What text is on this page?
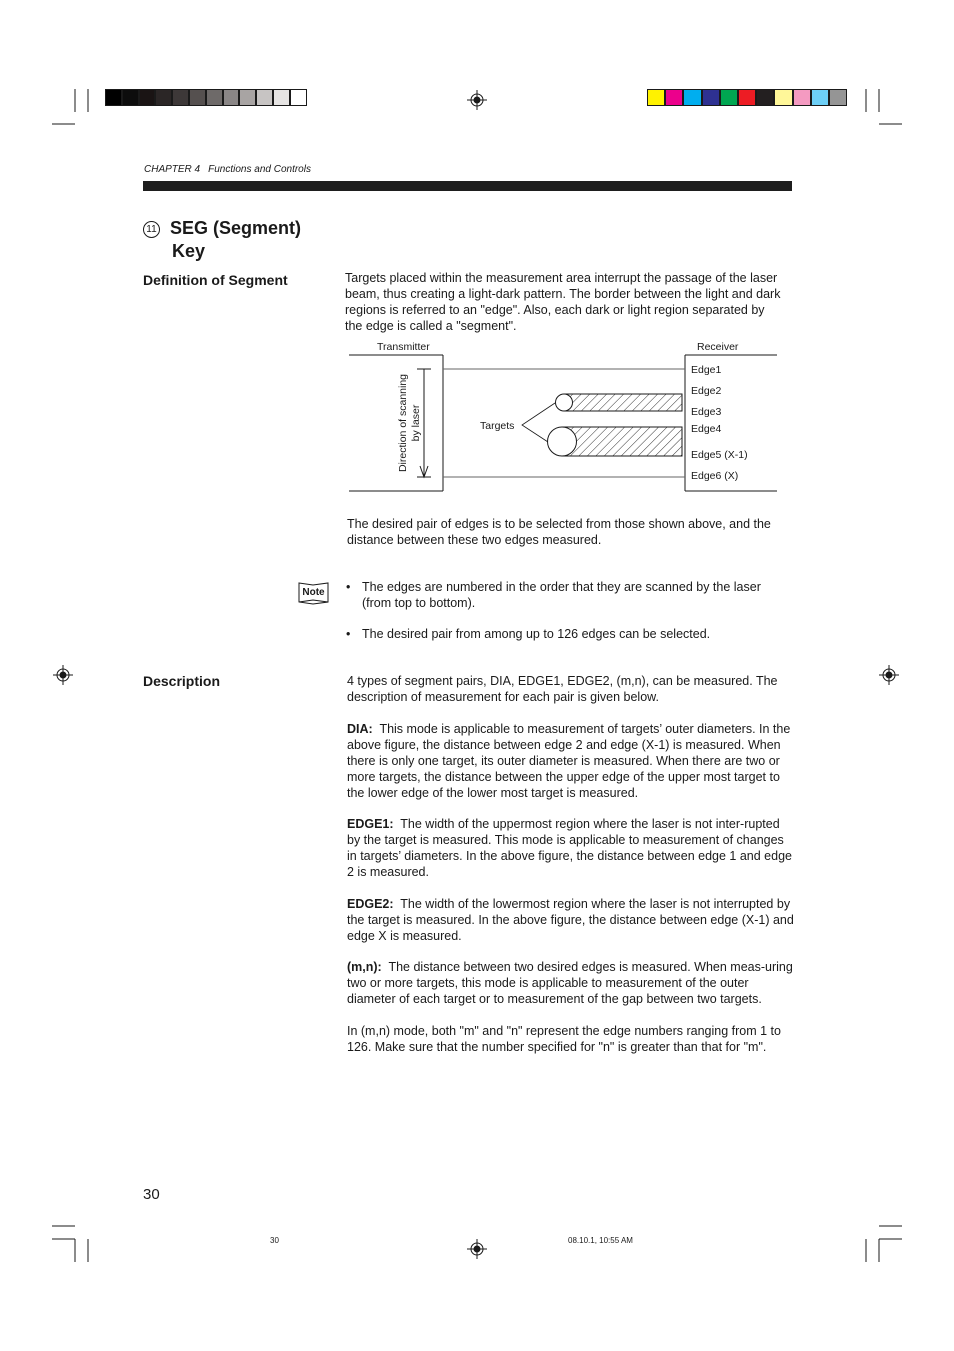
CHAPTER 4 Functions and Controls
11 SEG (Segment)
Key
Definition of Segment	Targets placed within the measurement area interrupt the passage of the laser beam, thus creating a light-dark pattern. The border between the light and dark regions is referred to an "edge". Also, each dark or light region separated by the edge is called a "segment".
Transmitter	Receiver
Targets
Direction of scanning by laser
Edge1
Edge2
Edge3
Edge4
Edge5 (X-1)
Edge6 (X)
The desired pair of edges is to be selected from those shown above, and the distance between these two edges measured.
Note
•	The edges are numbered in the order that they are scanned by the laser (from top to bottom).
• The desired pair from among up to 126 edges can be selected.
Description	4 types of segment pairs, DIA, EDGE1, EDGE2, (m,n), can be measured. The description of measurement for each pair is given below.

DIA: This mode is applicable to measurement of targets’ outer diameters. In the above figure, the distance between edge 2 and edge (X-1) is measured. When there is only one target, its outer diameter is measured. When there are two or more targets, the distance between the upper edge of the upper most target to the lower edge of the lower most target is measured.

EDGE1: The width of the uppermost region where the laser is not inter-rupted by the target is measured. This mode is applicable to measurement of changes in targets’ diameters. In the above figure, the distance between edge 1 and edge 2 is measured.

EDGE2: The width of the lowermost region where the laser is not interrupted by the target is measured. In the above figure, the distance between edge (X-1) and edge X is measured.

(m,n): The distance between two desired edges is measured. When meas-uring two or more targets, this mode is applicable to measurement of the outer diameter of each target or to measurement of the gap between two targets.

In (m,n) mode, both "m" and "n" represent the edge numbers ranging from 1 to 126. Make sure that the number specified for "n" is greater than that for "m".

30
30	08.10.1, 10:55 AM
